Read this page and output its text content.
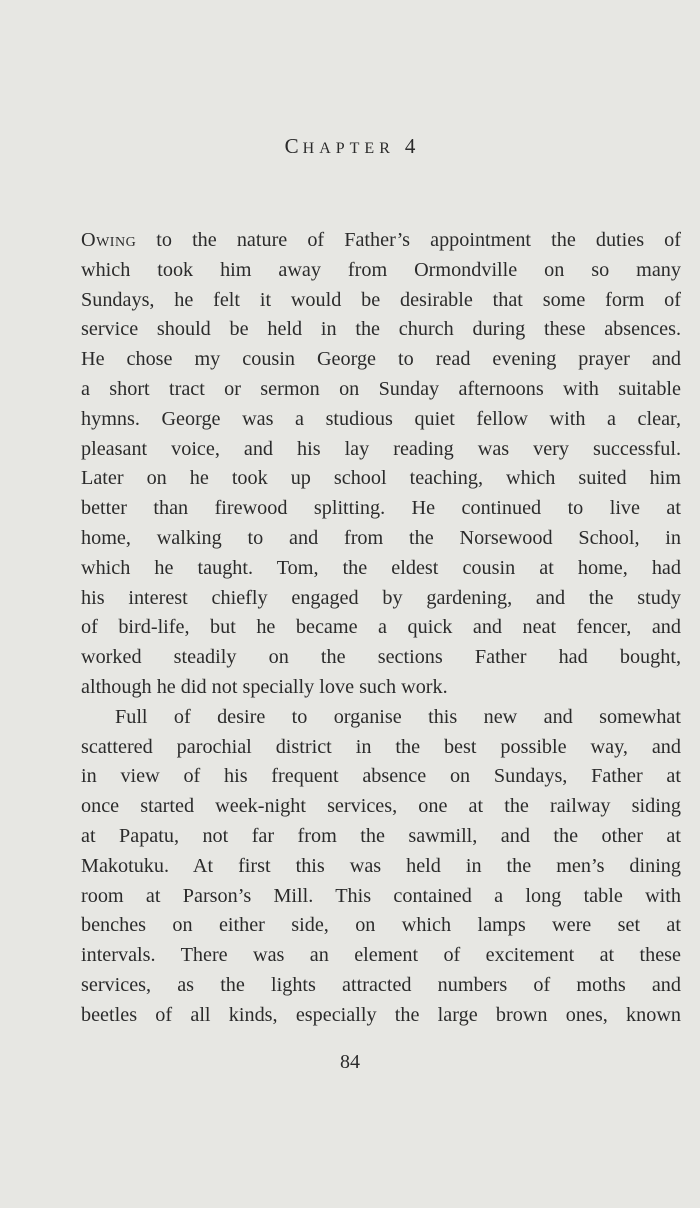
CHAPTER 4
Owing to the nature of Father’s appointment the duties of
which took him away from Ormondville on so many
Sundays, he felt it would be desirable that some form of
service should be held in the church during these absences.
He chose my cousin George to read evening prayer and
a short tract or sermon on Sunday afternoons with suitable
hymns. George was a studious quiet fellow with a clear,
pleasant voice, and his lay reading was very successful.
Later on he took up school teaching, which suited him
better than firewood splitting. He continued to live at
home, walking to and from the Norsewood School, in
which he taught. Tom, the eldest cousin at home, had
his interest chiefly engaged by gardening, and the study
of bird-life, but he became a quick and neat fencer, and
worked steadily on the sections Father had bought,
although he did not specially love such work.
Full of desire to organise this new and somewhat
scattered parochial district in the best possible way, and
in view of his frequent absence on Sundays, Father at
once started week-night services, one at the railway siding
at Papatu, not far from the sawmill, and the other at
Makotuku. At first this was held in the men’s dining
room at Parson’s Mill. This contained a long table with
benches on either side, on which lamps were set at
intervals. There was an element of excitement at these
services, as the lights attracted numbers of moths and
beetles of all kinds, especially the large brown ones, known
84
